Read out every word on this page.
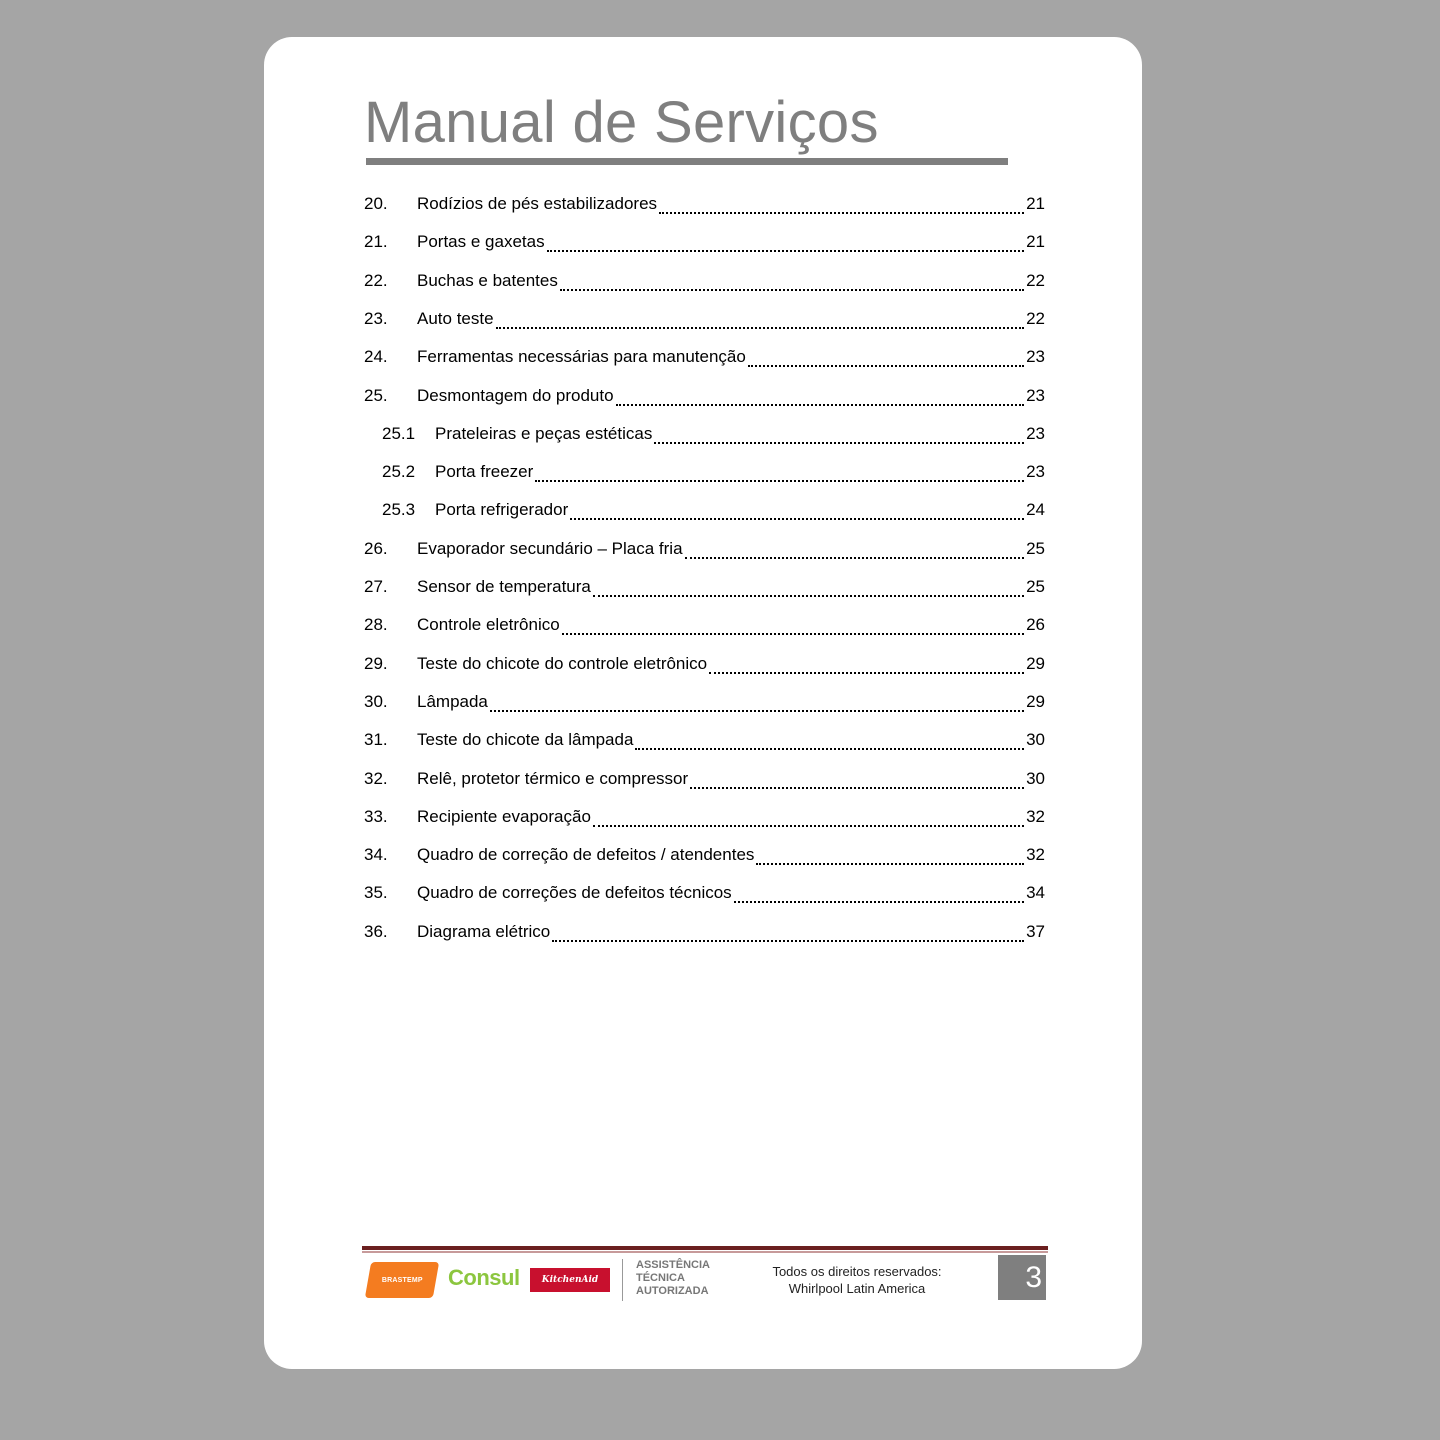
Manual de Serviços
20.	Rodízios de pés estabilizadores	21
21.	Portas e gaxetas	21
22.	Buchas e batentes	22
23.	Auto teste	22
24.	Ferramentas necessárias para manutenção	23
25.	Desmontagem do produto	23
25.1	Prateleiras e peças estéticas	23
25.2	Porta freezer	23
25.3	Porta refrigerador	24
26.	Evaporador secundário – Placa fria	25
27.	Sensor de temperatura	25
28.	Controle eletrônico	26
29.	Teste do chicote do controle eletrônico	29
30.	Lâmpada	29
31.	Teste do chicote da lâmpada	30
32.	Relê, protetor térmico e compressor	30
33.	Recipiente evaporação	32
34.	Quadro de correção de defeitos / atendentes	32
35.	Quadro de correções de defeitos técnicos	34
36.	Diagrama elétrico	37
BRASTEMP Consul KitchenAid
ASSISTÊNCIA
TÉCNICA
AUTORIZADA
Todos os direitos reservados:
Whirlpool Latin America	3
